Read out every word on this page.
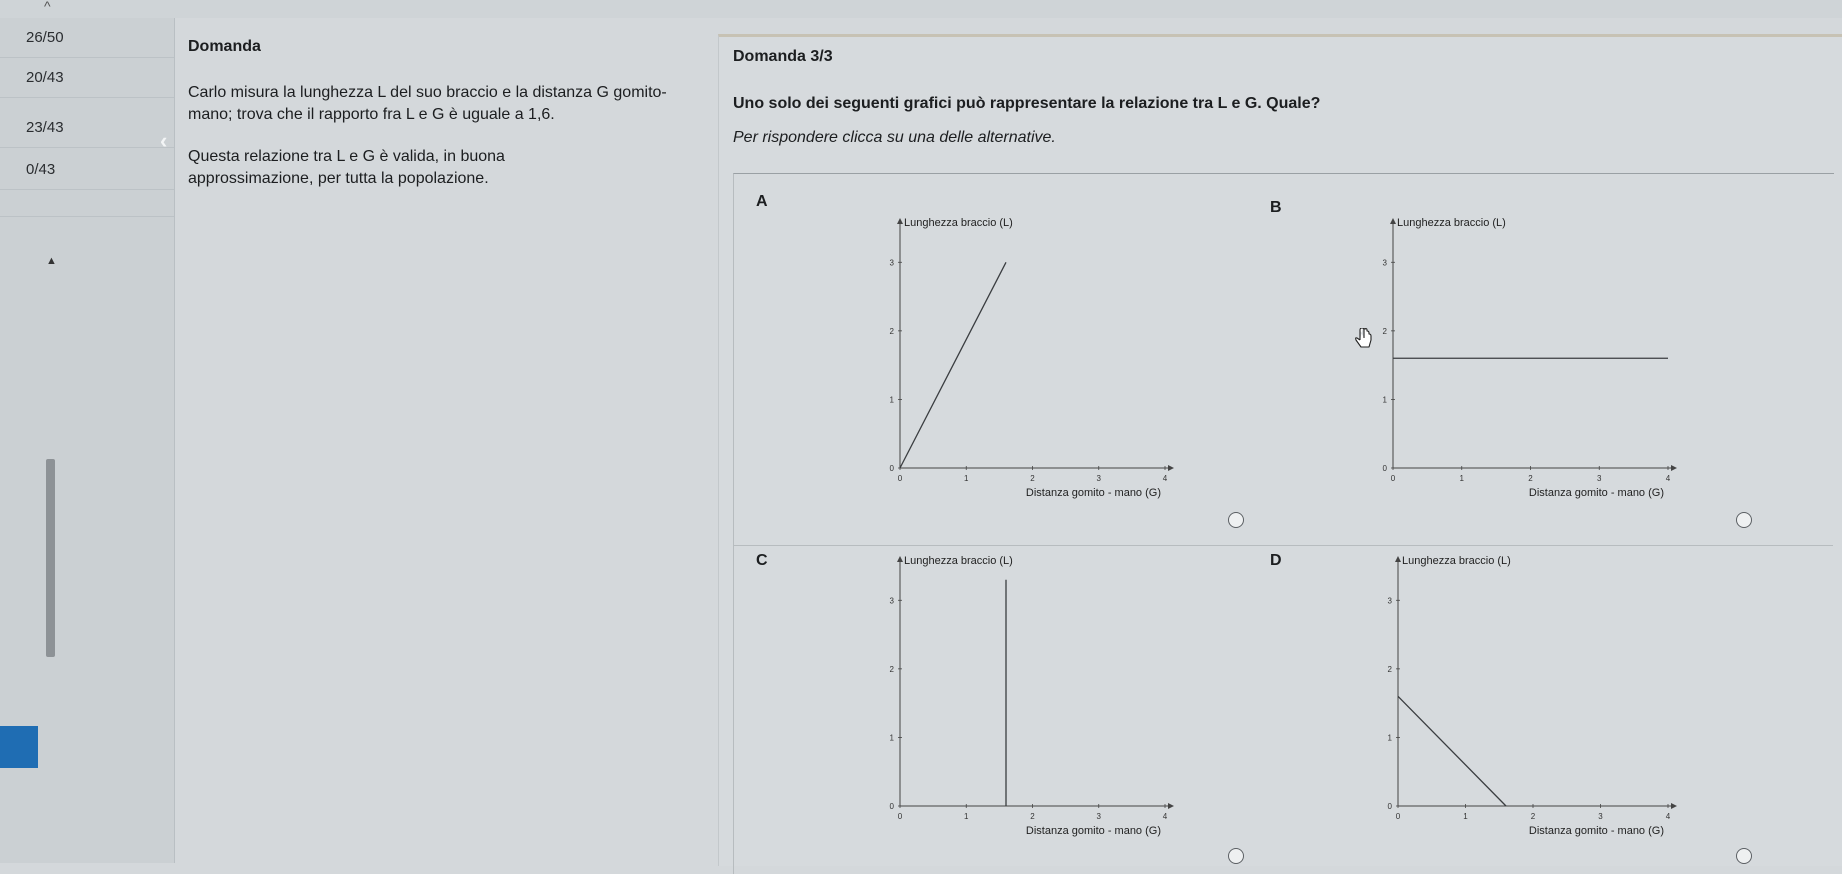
^
26/50
20/43
23/43
0/43
▲
‹
Domanda

Carlo misura la lunghezza L del suo braccio e la distanza G gomito-mano; trova che il rapporto fra L e G è uguale a 1,6.

Questa relazione tra L e G è valida, in buona approssimazione, per tutta la popolazione.

Domanda 3/3
Uno solo dei seguenti grafici può rappresentare la relazione tra L e G. Quale?
Per rispondere clicca su una delle alternative.
A	B
C	D
0	1	2	3	4
0
1
2
3
Lunghezza braccio (L)
Distanza gomito - mano (G)
0	1	2	3	4
0
1
2
3
Lunghezza braccio (L)
Distanza gomito - mano (G)
0	1	2	3	4
0
1
2
3
Lunghezza braccio (L)
Distanza gomito - mano (G)
0	1	2	3	4
0
1
2
3
Lunghezza braccio (L)
Distanza gomito - mano (G)
